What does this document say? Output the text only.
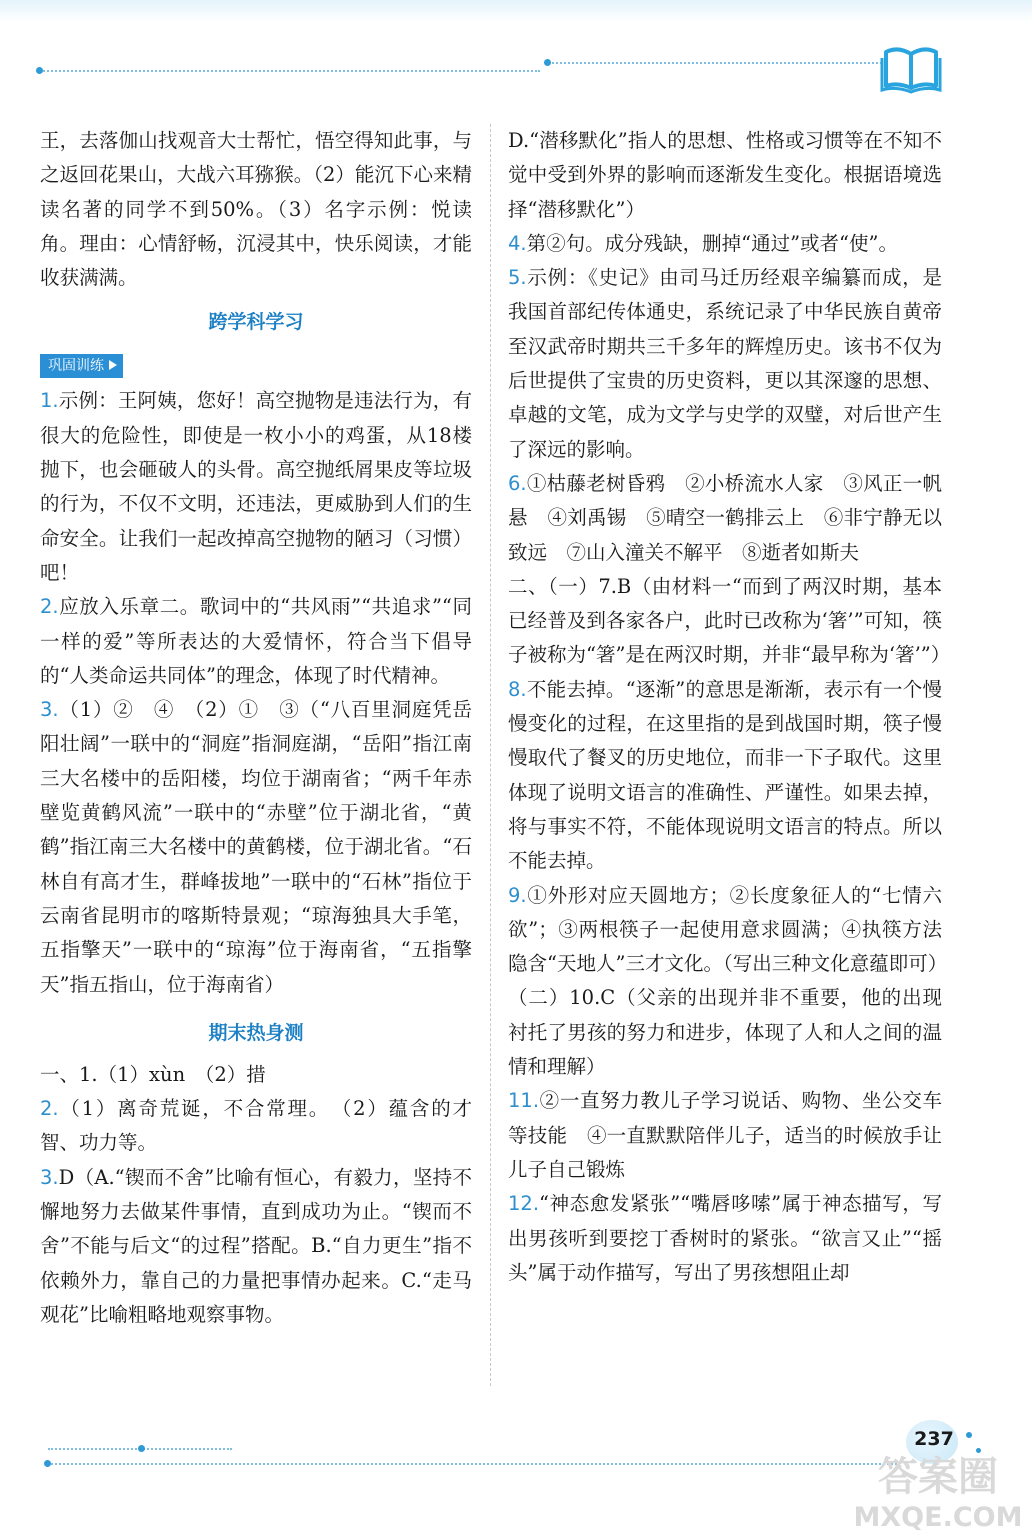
王，去落伽山找观音大士帮忙，悟空得知此事，与之返回花果山，大战六耳猕猴。（2）能沉下心来精读名著的同学不到50%。（3）名字示例：悦读角。理由：心情舒畅，沉浸其中，快乐阅读，才能收获满满。

跨学科学习
巩固训练

1.示例：王阿姨，您好！高空抛物是违法行为，有很大的危险性，即使是一枚小小的鸡蛋，从18楼抛下，也会砸破人的头骨。高空抛纸屑果皮等垃圾的行为，不仅不文明，还违法，更威胁到人们的生命安全。让我们一起改掉高空抛物的陋习（习惯）吧！

2.应放入乐章二。歌词中的“共风雨”“共追求”“同一样的爱”等所表达的大爱情怀，符合当下倡导的“人类命运共同体”的理念，体现了时代精神。

3.（1）②　④　（2）①　③（“八百里洞庭凭岳阳壮阔”一联中的“洞庭”指洞庭湖，“岳阳”指江南三大名楼中的岳阳楼，均位于湖南省；“两千年赤壁览黄鹤风流”一联中的“赤壁”位于湖北省，“黄鹤”指江南三大名楼中的黄鹤楼，位于湖北省。“石林自有高才生，群峰拔地”一联中的“石林”指位于云南省昆明市的喀斯特景观；“琼海独具大手笔，五指擎天”一联中的“琼海”位于海南省，“五指擎天”指五指山，位于海南省）

期末热身测

一、1.（1）xùn　（2）措

2.（1）离奇荒诞，不合常理。　（2）蕴含的才智、功力等。

3.D（A.“锲而不舍”比喻有恒心，有毅力，坚持不懈地努力去做某件事情，直到成功为止。“锲而不舍”不能与后文“的过程”搭配。B.“自力更生”指不依赖外力，靠自己的力量把事情办起来。C.“走马观花”比喻粗略地观察事物。

D.“潜移默化”指人的思想、性格或习惯等在不知不觉中受到外界的影响而逐渐发生变化。根据语境选择“潜移默化”）

4.第②句。成分残缺，删掉“通过”或者“使”。

5.示例：《史记》由司马迁历经艰辛编纂而成，是我国首部纪传体通史，系统记录了中华民族自黄帝至汉武帝时期共三千多年的辉煌历史。该书不仅为后世提供了宝贵的历史资料，更以其深邃的思想、卓越的文笔，成为文学与史学的双璧，对后世产生了深远的影响。

6.①枯藤老树昏鸦　②小桥流水人家　③风正一帆悬　④刘禹锡　⑤晴空一鹤排云上　⑥非宁静无以致远　⑦山入潼关不解平　⑧逝者如斯夫

二、（一）7.B（由材料一“而到了两汉时期，基本已经普及到各家各户，此时已改称为‘箸’”可知，筷子被称为“箸”是在两汉时期，并非“最早称为‘箸’”）

8.不能去掉。“逐渐”的意思是渐渐，表示有一个慢慢变化的过程，在这里指的是到战国时期，筷子慢慢取代了餐叉的历史地位，而非一下子取代。这里体现了说明文语言的准确性、严谨性。如果去掉，将与事实不符，不能体现说明文语言的特点。所以不能去掉。

9.①外形对应天圆地方；②长度象征人的“七情六欲”；③两根筷子一起使用意求圆满；④执筷方法隐含“天地人”三才文化。（写出三种文化意蕴即可）

（二）10.C（父亲的出现并非不重要，他的出现衬托了男孩的努力和进步，体现了人和人之间的温情和理解）

11.②一直努力教儿子学习说话、购物、坐公交车等技能　④一直默默陪伴儿子，适当的时候放手让儿子自己锻炼

12.“神态愈发紧张”“嘴唇哆嗦”属于神态描写，写出男孩听到要挖丁香树时的紧张。“欲言又止”“摇头”属于动作描写，写出了男孩想阻止却

237
答案圈
MXQE.COM
